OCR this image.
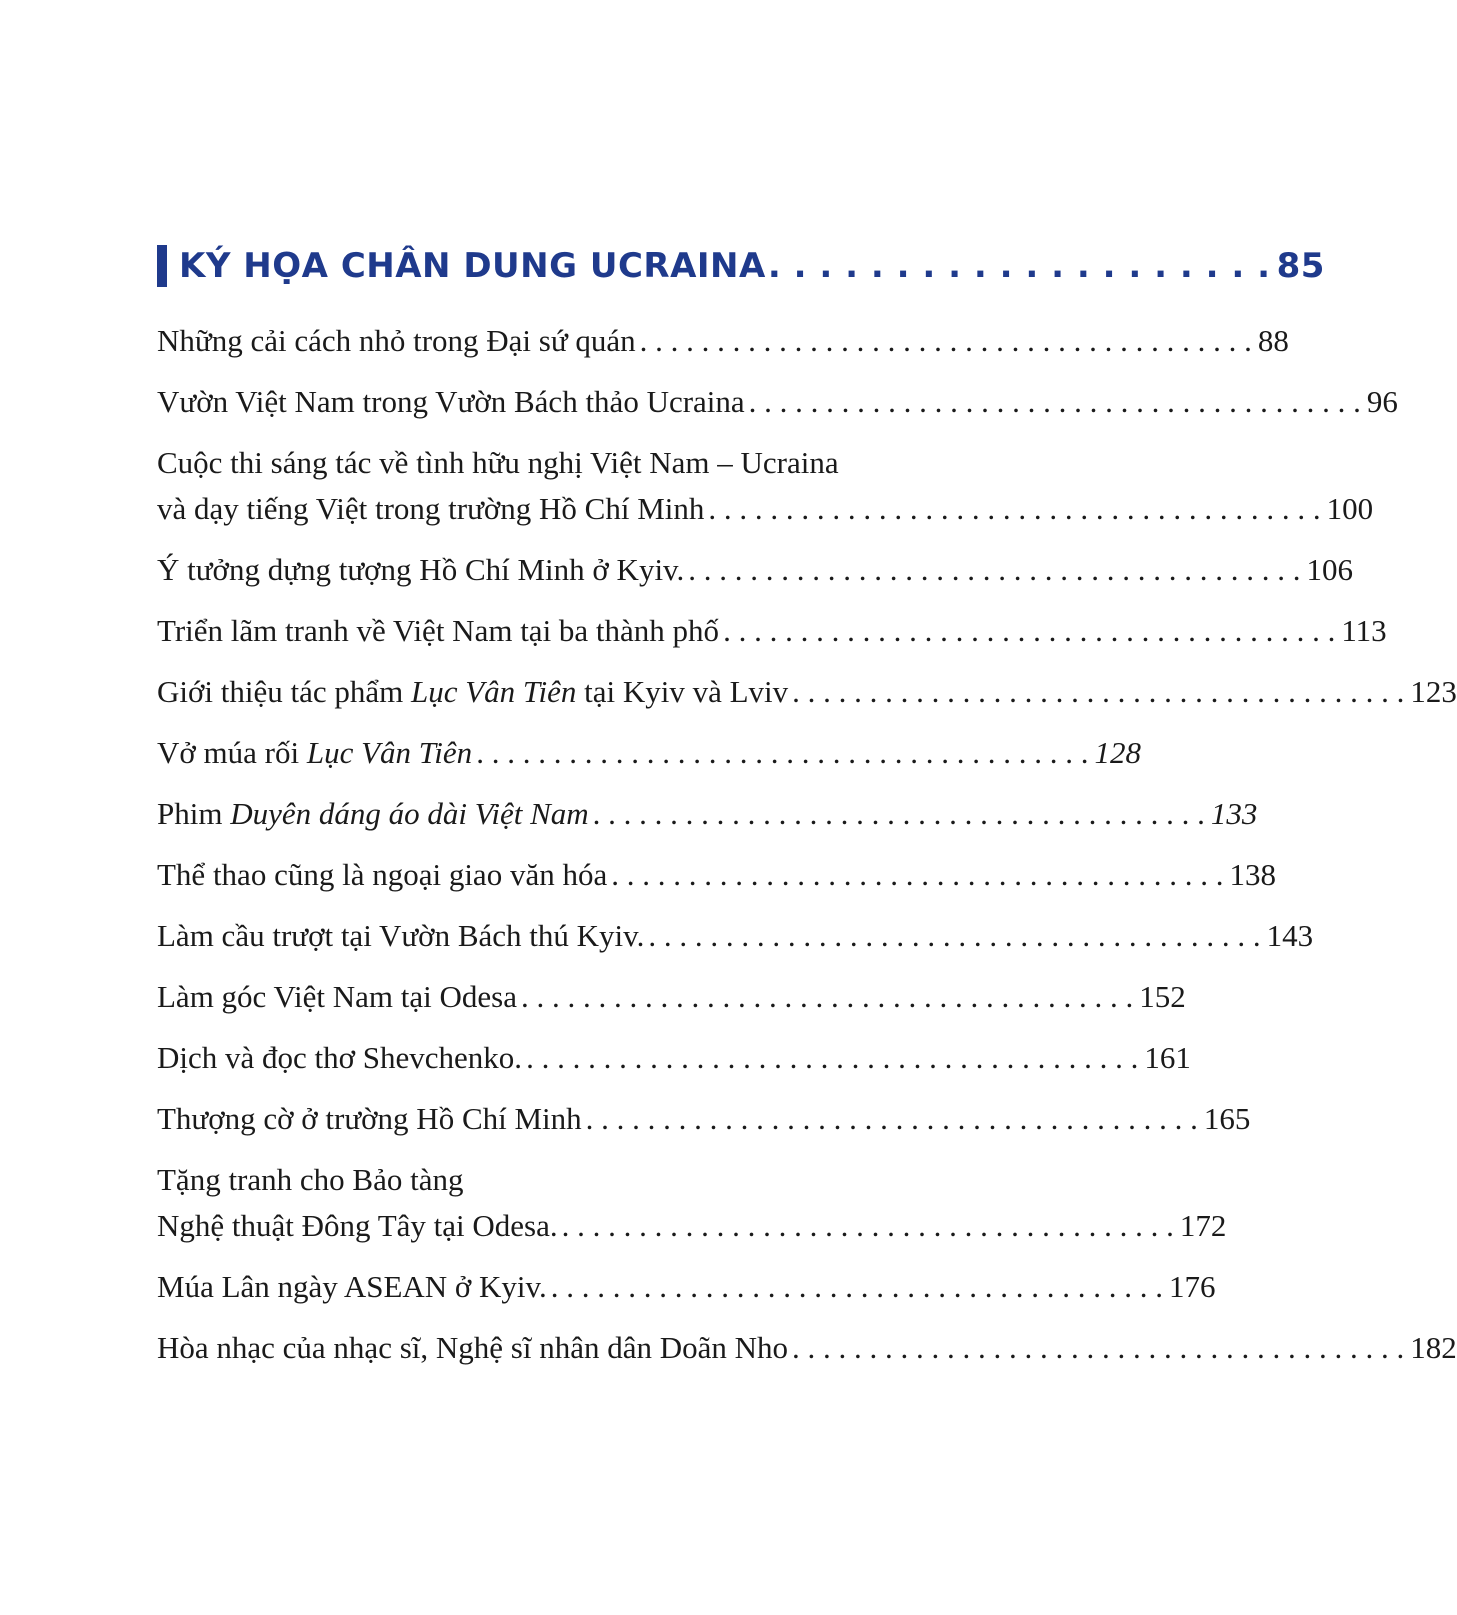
KÝ HỌA CHÂN DUNG UCRAINA . . . . . . . . . . . . . . . . . . . . 85
Những cải cách nhỏ trong Đại sứ quán . . . . . . . . . . . . . . . . . . . . . . . . . . . . . . . . . . . . . . . . 88
Vườn Việt Nam trong Vườn Bách thảo Ucraina . . . . . . . . . . . . . . . . . . . . . . . . . . . . . . . . . . . . . . . . 96
Cuộc thi sáng tác về tình hữu nghị Việt Nam – Ucraina
và dạy tiếng Việt trong trường Hồ Chí Minh . . . . . . . . . . . . . . . . . . . . . . . . . . . . . . . . . . . . . . . . 100
Ý tưởng dựng tượng Hồ Chí Minh ở Kyiv. . . . . . . . . . . . . . . . . . . . . . . . . . . . . . . . . . . . . . . . . 106
Triển lãm tranh về Việt Nam tại ba thành phố . . . . . . . . . . . . . . . . . . . . . . . . . . . . . . . . . . . . . . . . 113
Giới thiệu tác phẩm Lục Vân Tiên tại Kyiv và Lviv . . . . . . . . . . . . . . . . . . . . . . . . . . . . . . . . . . . . . . . . 123
Vở múa rối Lục Vân Tiên . . . . . . . . . . . . . . . . . . . . . . . . . . . . . . . . . . . . . . . . 128
Phim Duyên dáng áo dài Việt Nam . . . . . . . . . . . . . . . . . . . . . . . . . . . . . . . . . . . . . . . . 133
Thể thao cũng là ngoại giao văn hóa . . . . . . . . . . . . . . . . . . . . . . . . . . . . . . . . . . . . . . . . 138
Làm cầu trượt tại Vườn Bách thú Kyiv. . . . . . . . . . . . . . . . . . . . . . . . . . . . . . . . . . . . . . . . . 143
Làm góc Việt Nam tại Odesa . . . . . . . . . . . . . . . . . . . . . . . . . . . . . . . . . . . . . . . . 152
Dịch và đọc thơ Shevchenko. . . . . . . . . . . . . . . . . . . . . . . . . . . . . . . . . . . . . . . . . 161
Thượng cờ ở trường Hồ Chí Minh . . . . . . . . . . . . . . . . . . . . . . . . . . . . . . . . . . . . . . . . 165
Tặng tranh cho Bảo tàng
Nghệ thuật Đông Tây tại Odesa. . . . . . . . . . . . . . . . . . . . . . . . . . . . . . . . . . . . . . . . . 172
Múa Lân ngày ASEAN ở Kyiv. . . . . . . . . . . . . . . . . . . . . . . . . . . . . . . . . . . . . . . . . 176
Hòa nhạc của nhạc sĩ, Nghệ sĩ nhân dân Doãn Nho . . . . . . . . . . . . . . . . . . . . . . . . . . . . . . . . . . . . . . . . 182
